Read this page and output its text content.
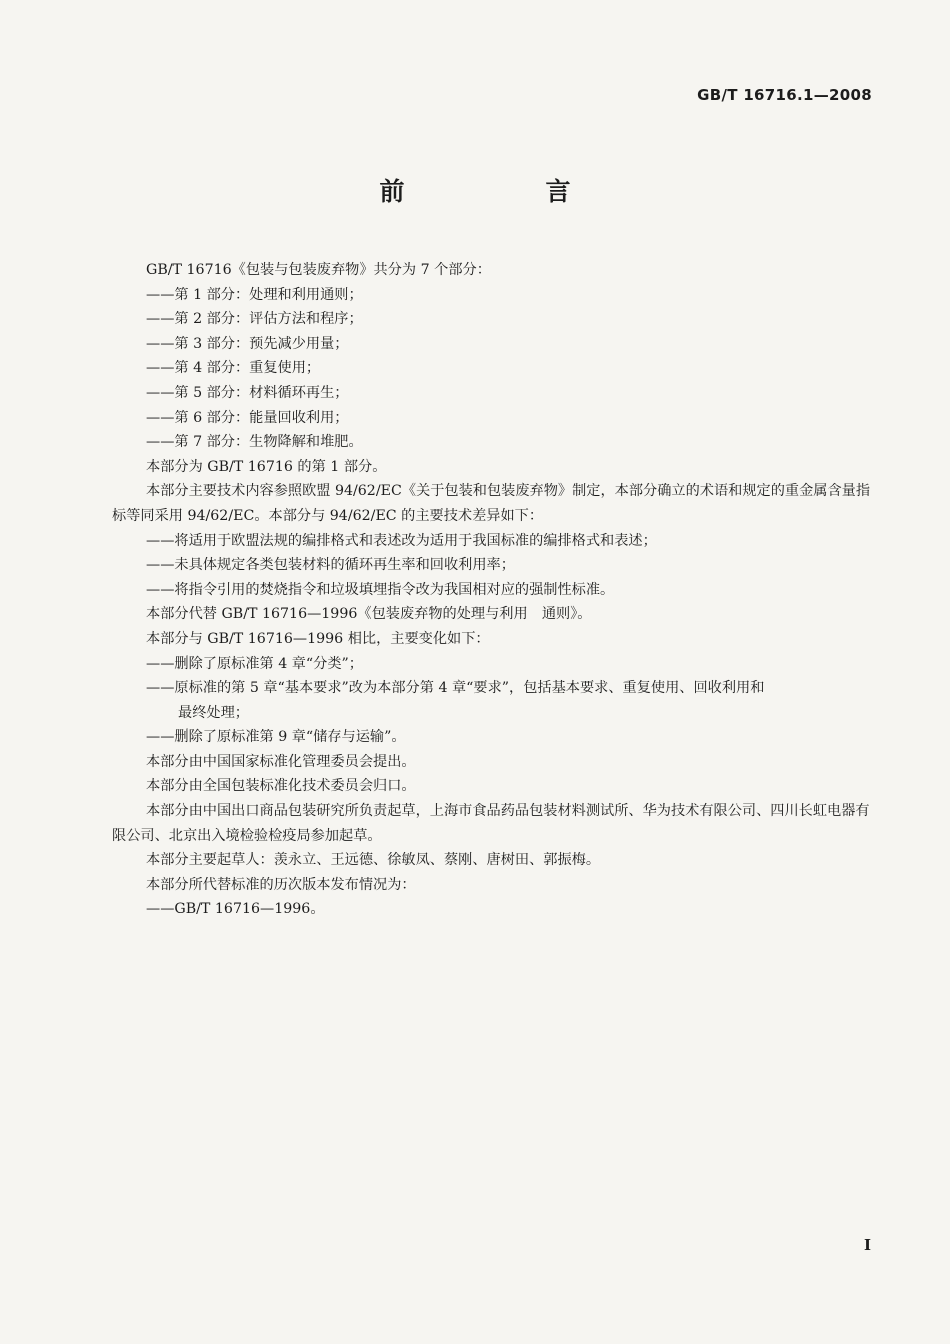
GB/T 16716.1—2008
前　言

GB/T 16716《包装与包装废弃物》共分为 7 个部分：

——第 1 部分：处理和利用通则；

——第 2 部分：评估方法和程序；

——第 3 部分：预先减少用量；

——第 4 部分：重复使用；

——第 5 部分：材料循环再生；

——第 6 部分：能量回收利用；

——第 7 部分：生物降解和堆肥。

本部分为 GB/T 16716 的第 1 部分。

本部分主要技术内容参照欧盟 94/62/EC《关于包装和包装废弃物》制定，本部分确立的术语和规定的重金属含量指标等同采用 94/62/EC。本部分与 94/62/EC 的主要技术差异如下：

——将适用于欧盟法规的编排格式和表述改为适用于我国标准的编排格式和表述；

——未具体规定各类包装材料的循环再生率和回收利用率；

——将指令引用的焚烧指令和垃圾填埋指令改为我国相对应的强制性标准。

本部分代替 GB/T 16716—1996《包装废弃物的处理与利用　通则》。

本部分与 GB/T 16716—1996 相比，主要变化如下：

——删除了原标准第 4 章“分类”；

——原标准的第 5 章“基本要求”改为本部分第 4 章“要求”，包括基本要求、重复使用、回收利用和

最终处理；

——删除了原标准第 9 章“储存与运输”。

本部分由中国国家标准化管理委员会提出。

本部分由全国包装标准化技术委员会归口。

本部分由中国出口商品包装研究所负责起草，上海市食品药品包装材料测试所、华为技术有限公司、四川长虹电器有限公司、北京出入境检验检疫局参加起草。

本部分主要起草人：羡永立、王远德、徐敏凤、蔡刚、唐树田、郭振梅。

本部分所代替标准的历次版本发布情况为：

——GB/T 16716—1996。

I
